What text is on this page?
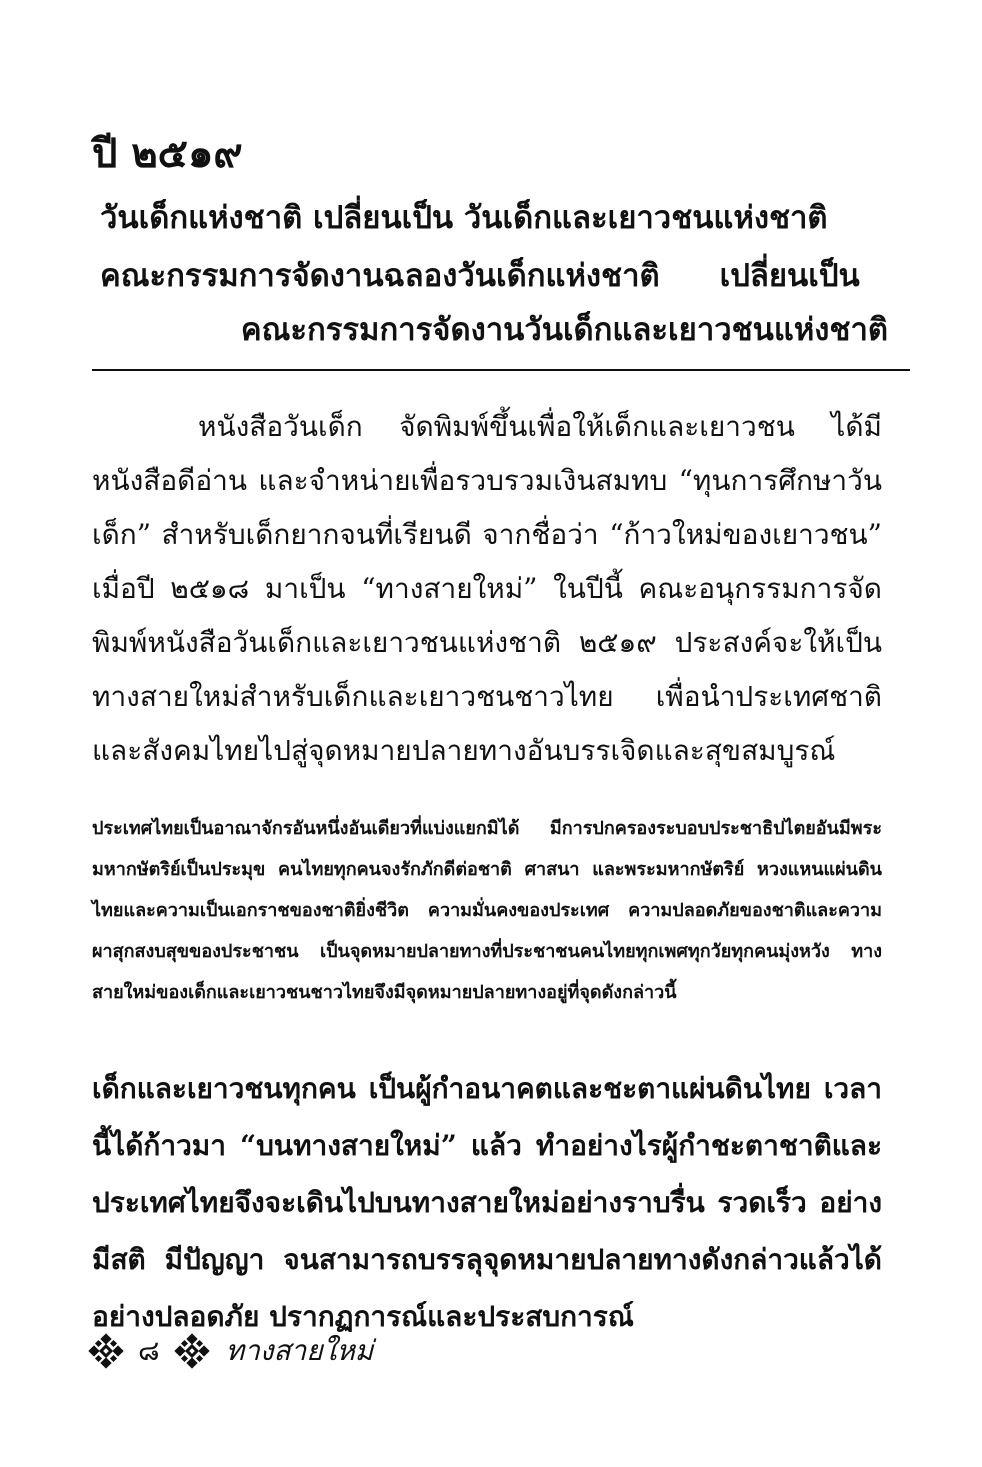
ปี ๒๕๑๙
วันเด็กแห่งชาติ เปลี่ยนเป็น วันเด็กและเยาวชนแห่งชาติ
คณะกรรมการจัดงานฉลองวันเด็กแห่งชาติ เปลี่ยนเป็น
คณะกรรมการจัดงานวันเด็กและเยาวชนแห่งชาติ
หนังสือวันเด็ก จัดพิมพ์ขึ้นเพื่อให้เด็กและเยาวชน ได้มีหนังสือดีอ่าน และจำหน่ายเพื่อรวบรวมเงินสมทบ “ทุนการศึกษาวันเด็ก” สำหรับเด็กยากจนที่เรียนดี จากชื่อว่า “ก้าวใหม่ของเยาวชน” เมื่อปี ๒๕๑๘ มาเป็น “ทางสายใหม่” ในปีนี้ คณะอนุกรรมการจัดพิมพ์หนังสือวันเด็กและเยาวชนแห่งชาติ ๒๕๑๙ ประสงค์จะให้เป็นทางสายใหม่สำหรับเด็กและเยาวชนชาวไทย เพื่อนำประเทศชาติและสังคมไทยไปสู่จุดหมายปลายทางอันบรรเจิดและสุขสมบูรณ์
ประเทศไทยเป็นอาณาจักรอันหนึ่งอันเดียวที่แบ่งแยกมิได้ มีการปกครองระบอบประชาธิปไตยอันมีพระมหากษัตริย์เป็นประมุข คนไทยทุกคนจงรักภักดีต่อชาติ ศาสนา และพระมหากษัตริย์ หวงแหนแผ่นดินไทยและความเป็นเอกราชของชาติยิ่งชีวิต ความมั่นคงของประเทศ ความปลอดภัยของชาติและความผาสุกสงบสุขของประชาชน เป็นจุดหมายปลายทางที่ประชาชนคนไทยทุกเพศทุกวัยทุกคนมุ่งหวัง ทางสายใหม่ของเด็กและเยาวชนชาวไทยจึงมีจุดหมายปลายทางอยู่ที่จุดดังกล่าวนี้
เด็กและเยาวชนทุกคน เป็นผู้กำอนาคตและชะตาแผ่นดินไทย เวลานี้ได้ก้าวมา “บนทางสายใหม่” แล้ว ทำอย่างไรผู้กำชะตาชาติและประเทศไทยจึงจะเดินไปบนทางสายใหม่อย่างราบรื่น รวดเร็ว อย่างมีสติ มีปัญญา จนสามารถบรรลุจุดหมายปลายทางดังกล่าวแล้วได้อย่างปลอดภัย ปรากฏการณ์และประสบการณ์
๘ ทางสายใหม่
